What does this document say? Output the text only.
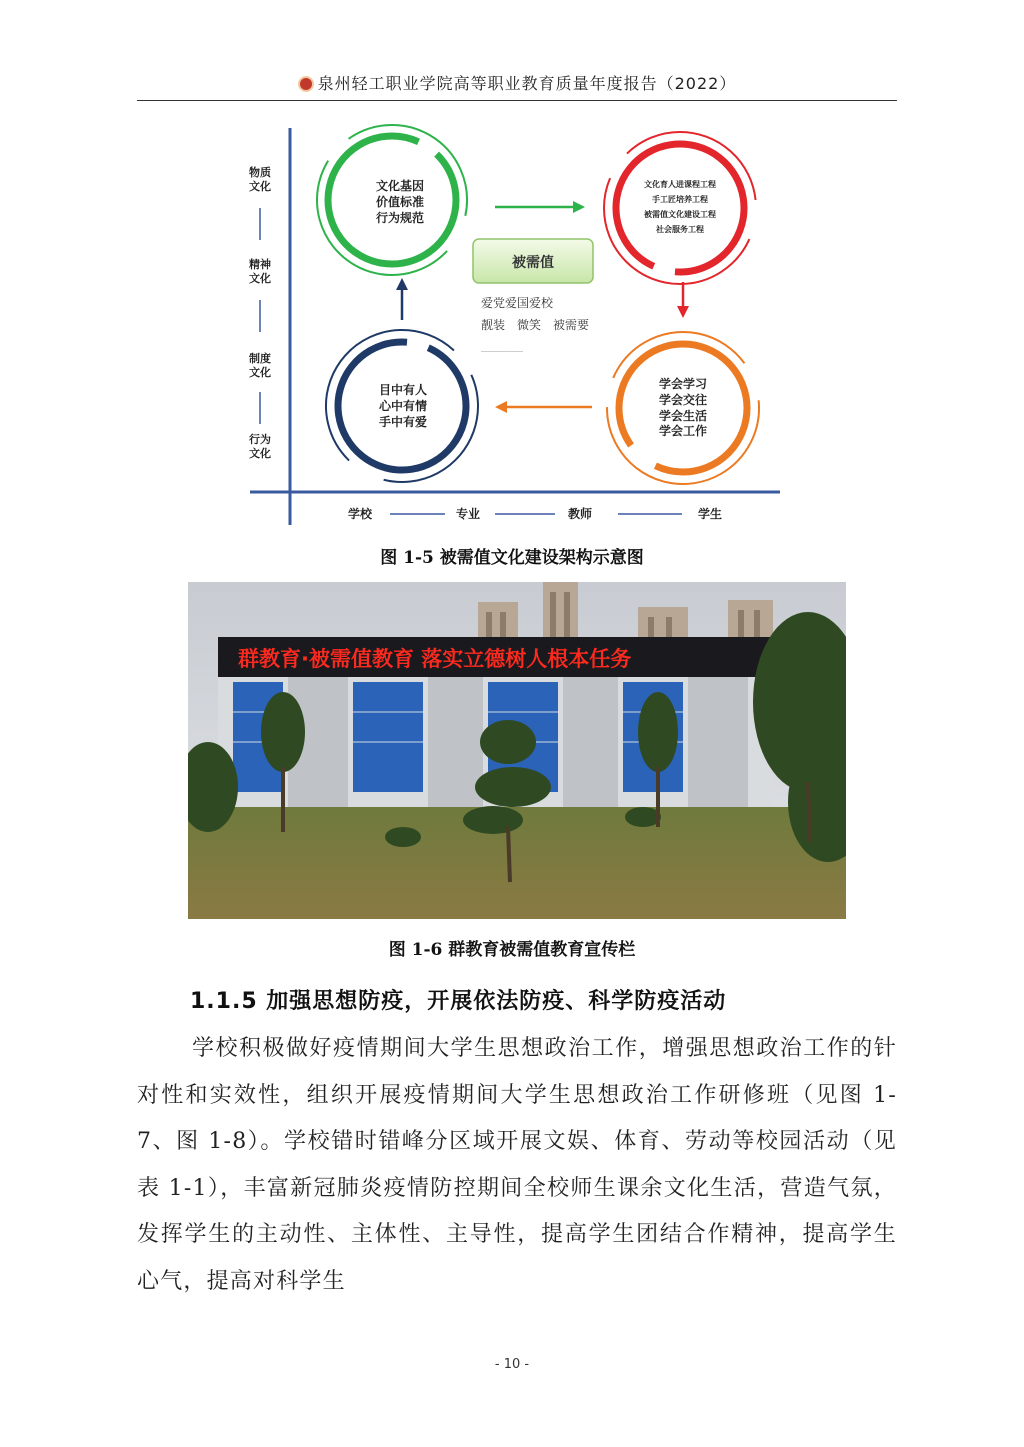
泉州轻工职业学院高等职业教育质量年度报告（2022）
物质文化
精神文化
制度文化
行为文化
学校	专业	教师	学生
文化基因
价值标准
行为规范
文化育人进课程工程
手工匠培养工程
被需值文化建设工程
社会服务工程
学会学习
学会交往
学会生活
学会工作
目中有人
心中有情
手中有爱
被需值
爱党爱国爱校
靓装　微笑　被需要
…………………
图 1-5 被需值文化建设架构示意图
群教育·被需值教育 落实立德树人根本任务
图 1-6 群教育被需值教育宣传栏
1.1.5 加强思想防疫，开展依法防疫、科学防疫活动

学校积极做好疫情期间大学生思想政治工作，增强思想政治工作的针对性和实效性，组织开展疫情期间大学生思想政治工作研修班（见图 1-7、图 1-8）。学校错时错峰分区域开展文娱、体育、劳动等校园活动（见表 1-1），丰富新冠肺炎疫情防控期间全校师生课余文化生活，营造气氛，发挥学生的主动性、主体性、主导性，提高学生团结合作精神，提高学生心气，提高对科学生

- 10 -
